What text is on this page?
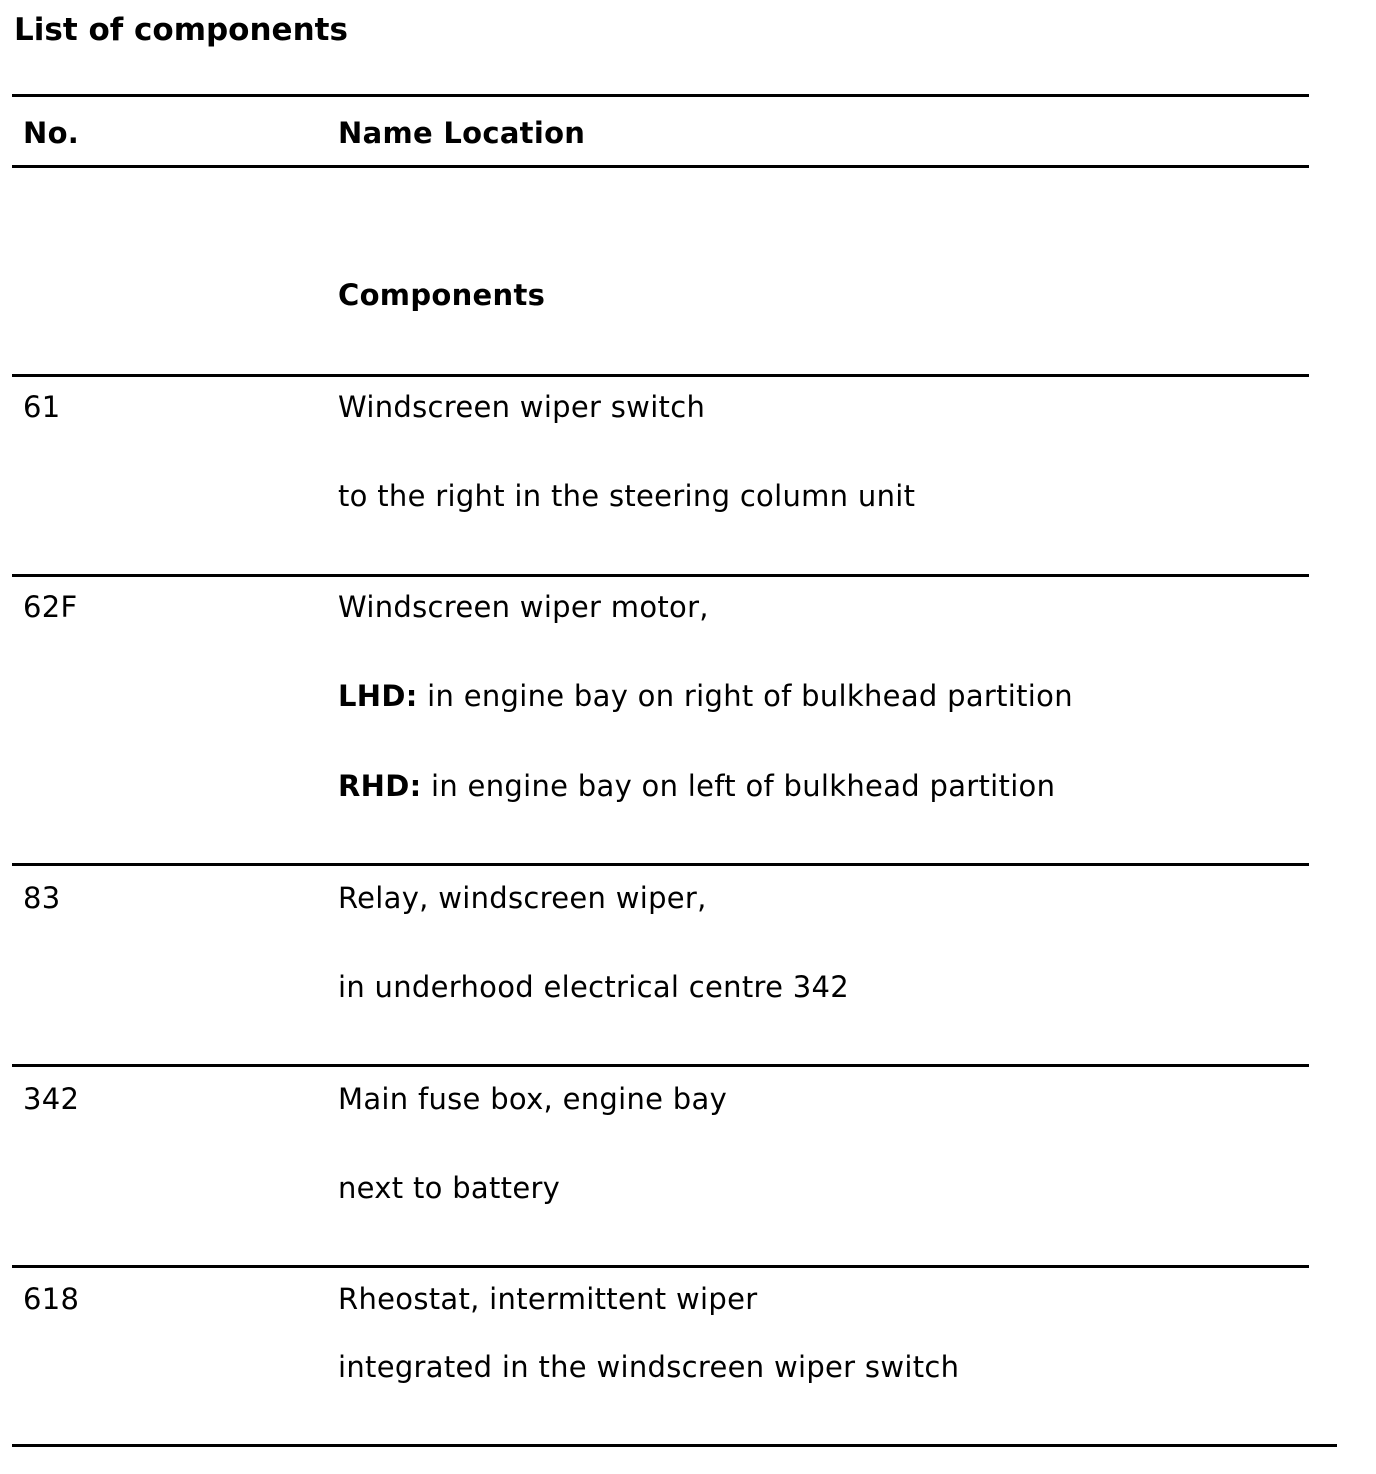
List of components
No.	Name Location
Components
61	Windscreen wiper switch
to the right in the steering column unit
62F	Windscreen wiper motor,
LHD: in engine bay on right of bulkhead partition
RHD: in engine bay on left of bulkhead partition
83	Relay, windscreen wiper,
in underhood electrical centre 342
342	Main fuse box, engine bay
next to battery
618	Rheostat, intermittent wiper
integrated in the windscreen wiper switch
